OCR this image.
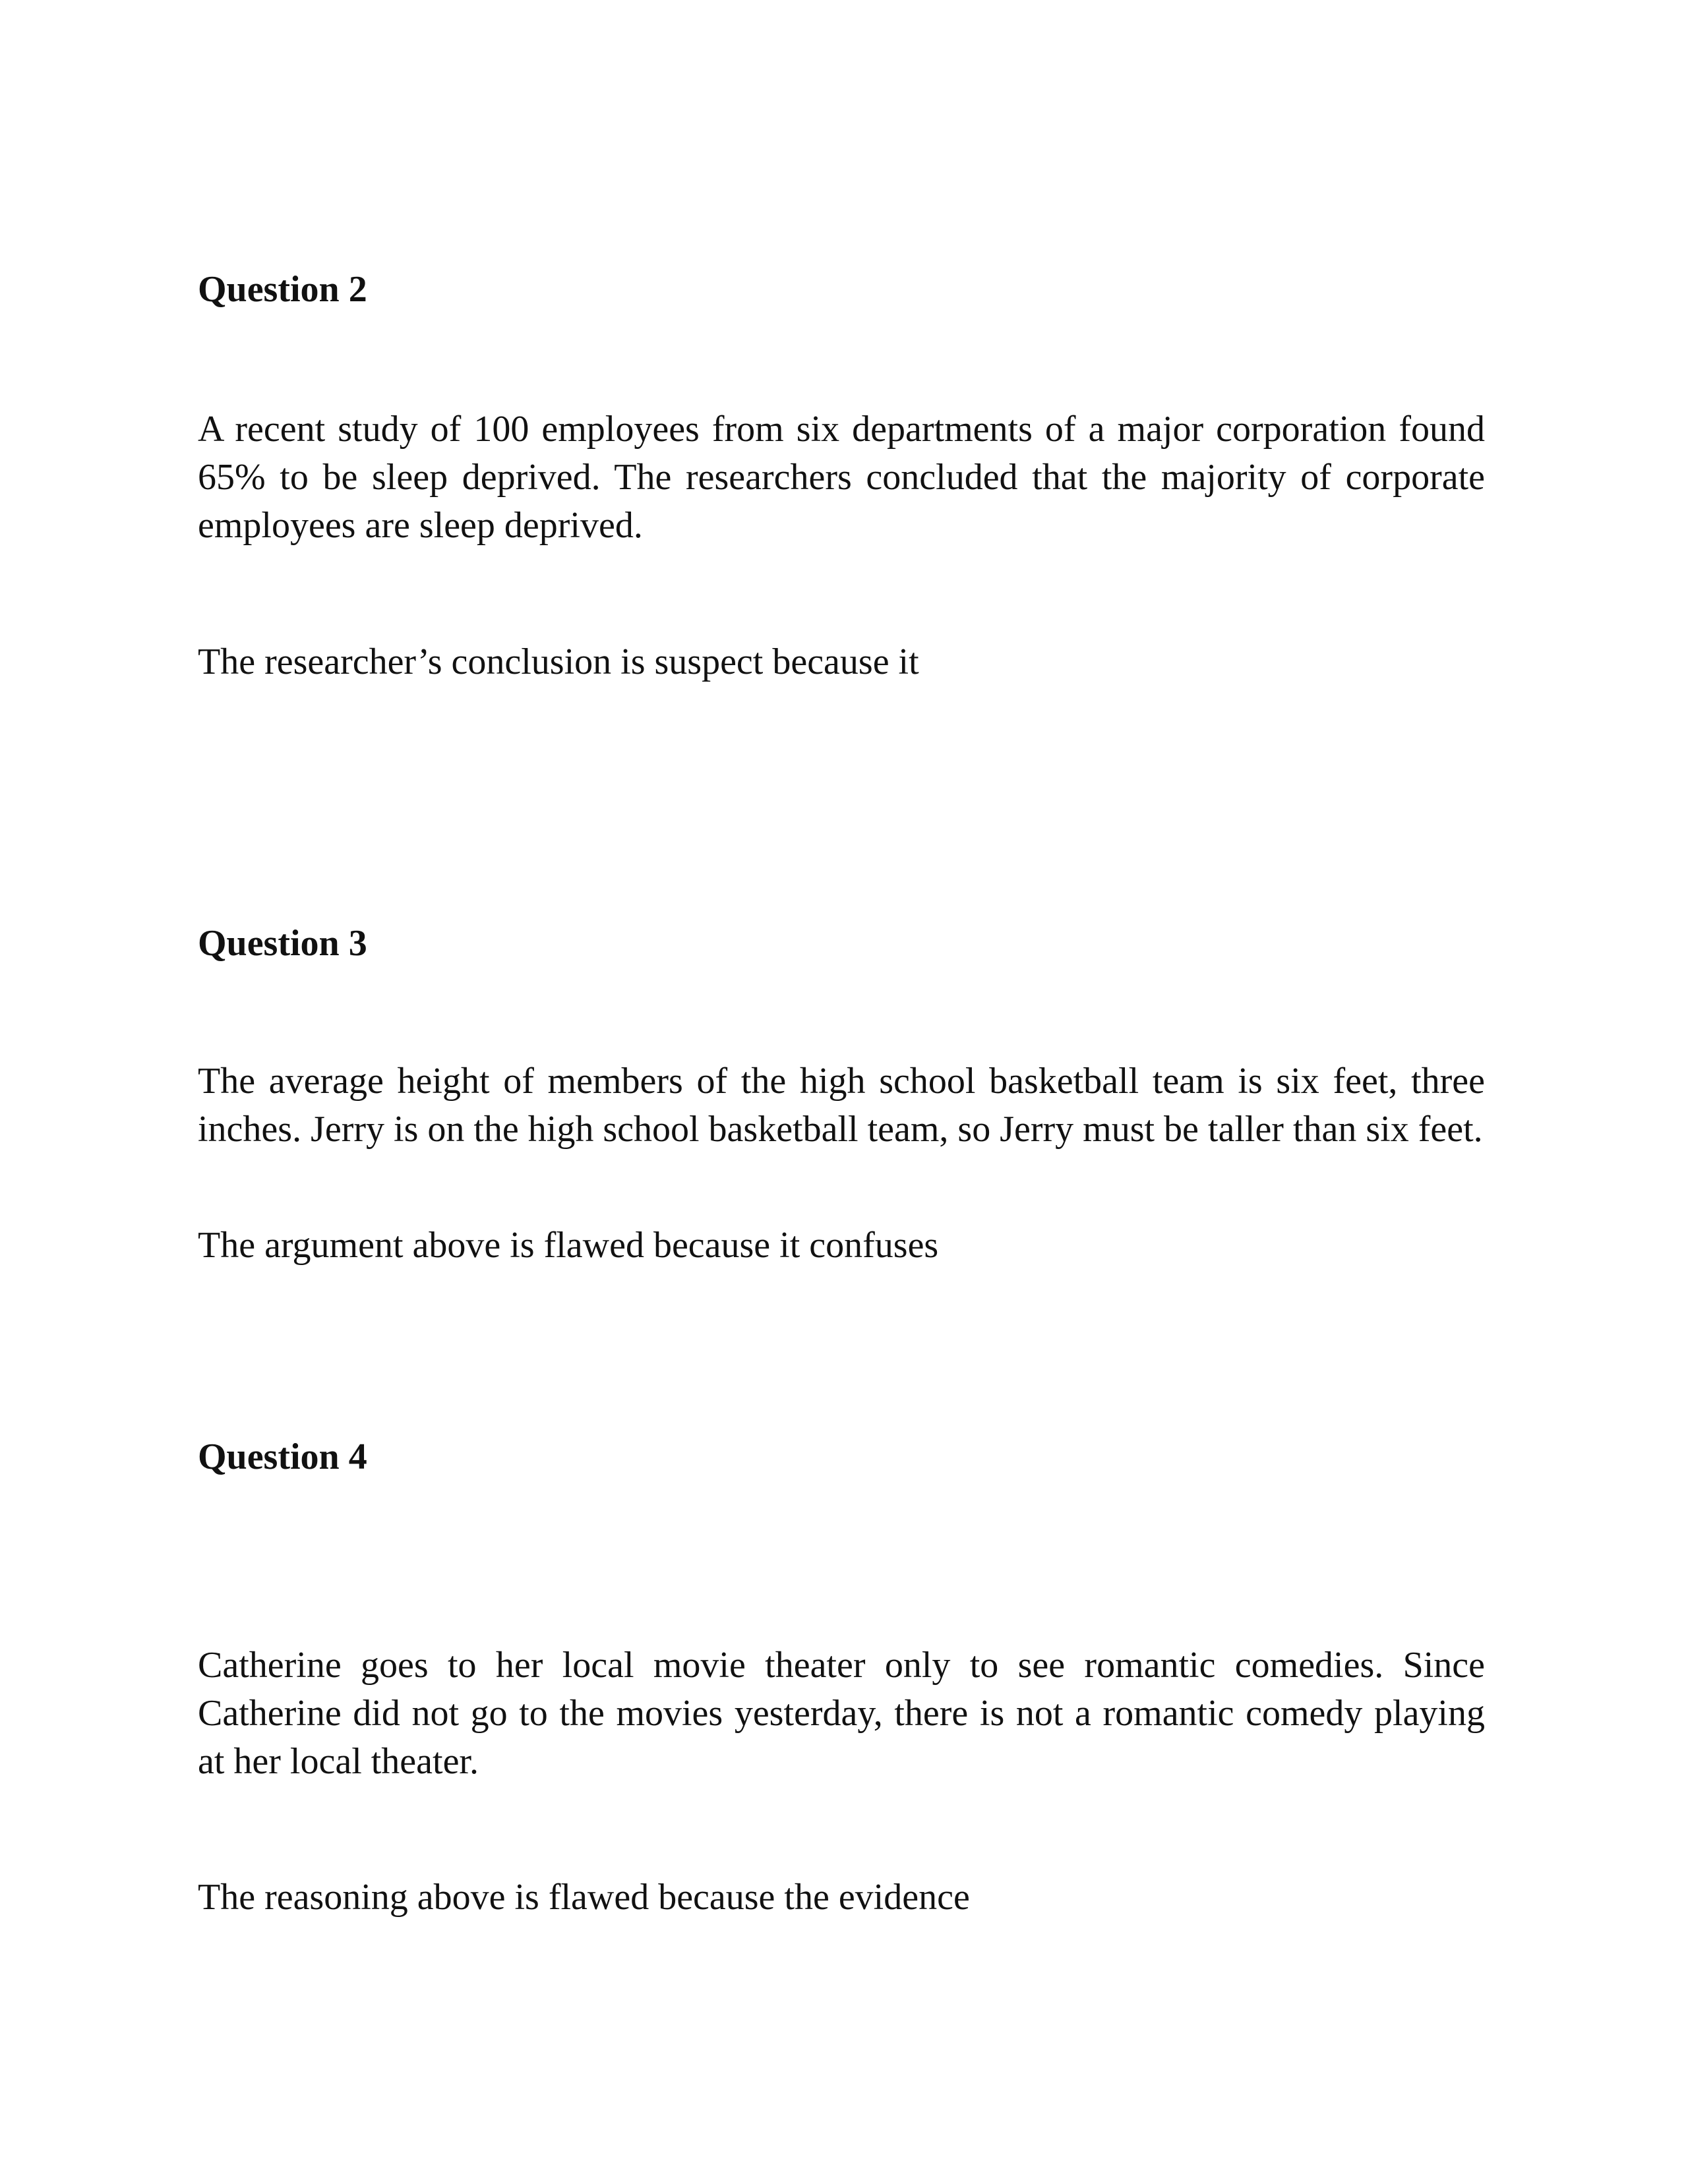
Question 2

A recent study of 100 employees from six departments of a major corporation found 65% to be sleep deprived. The researchers concluded that the majority of corporate employees are sleep deprived.

The researcher’s conclusion is suspect because it

Question 3

The average height of members of the high school basketball team is six feet, three inches. Jerry is on the high school basketball team, so Jerry must be taller than six feet.

The argument above is flawed because it confuses

Question 4

Catherine goes to her local movie theater only to see romantic comedies. Since Catherine did not go to the movies yesterday, there is not a romantic comedy playing at her local theater.

The reasoning above is flawed because the evidence
